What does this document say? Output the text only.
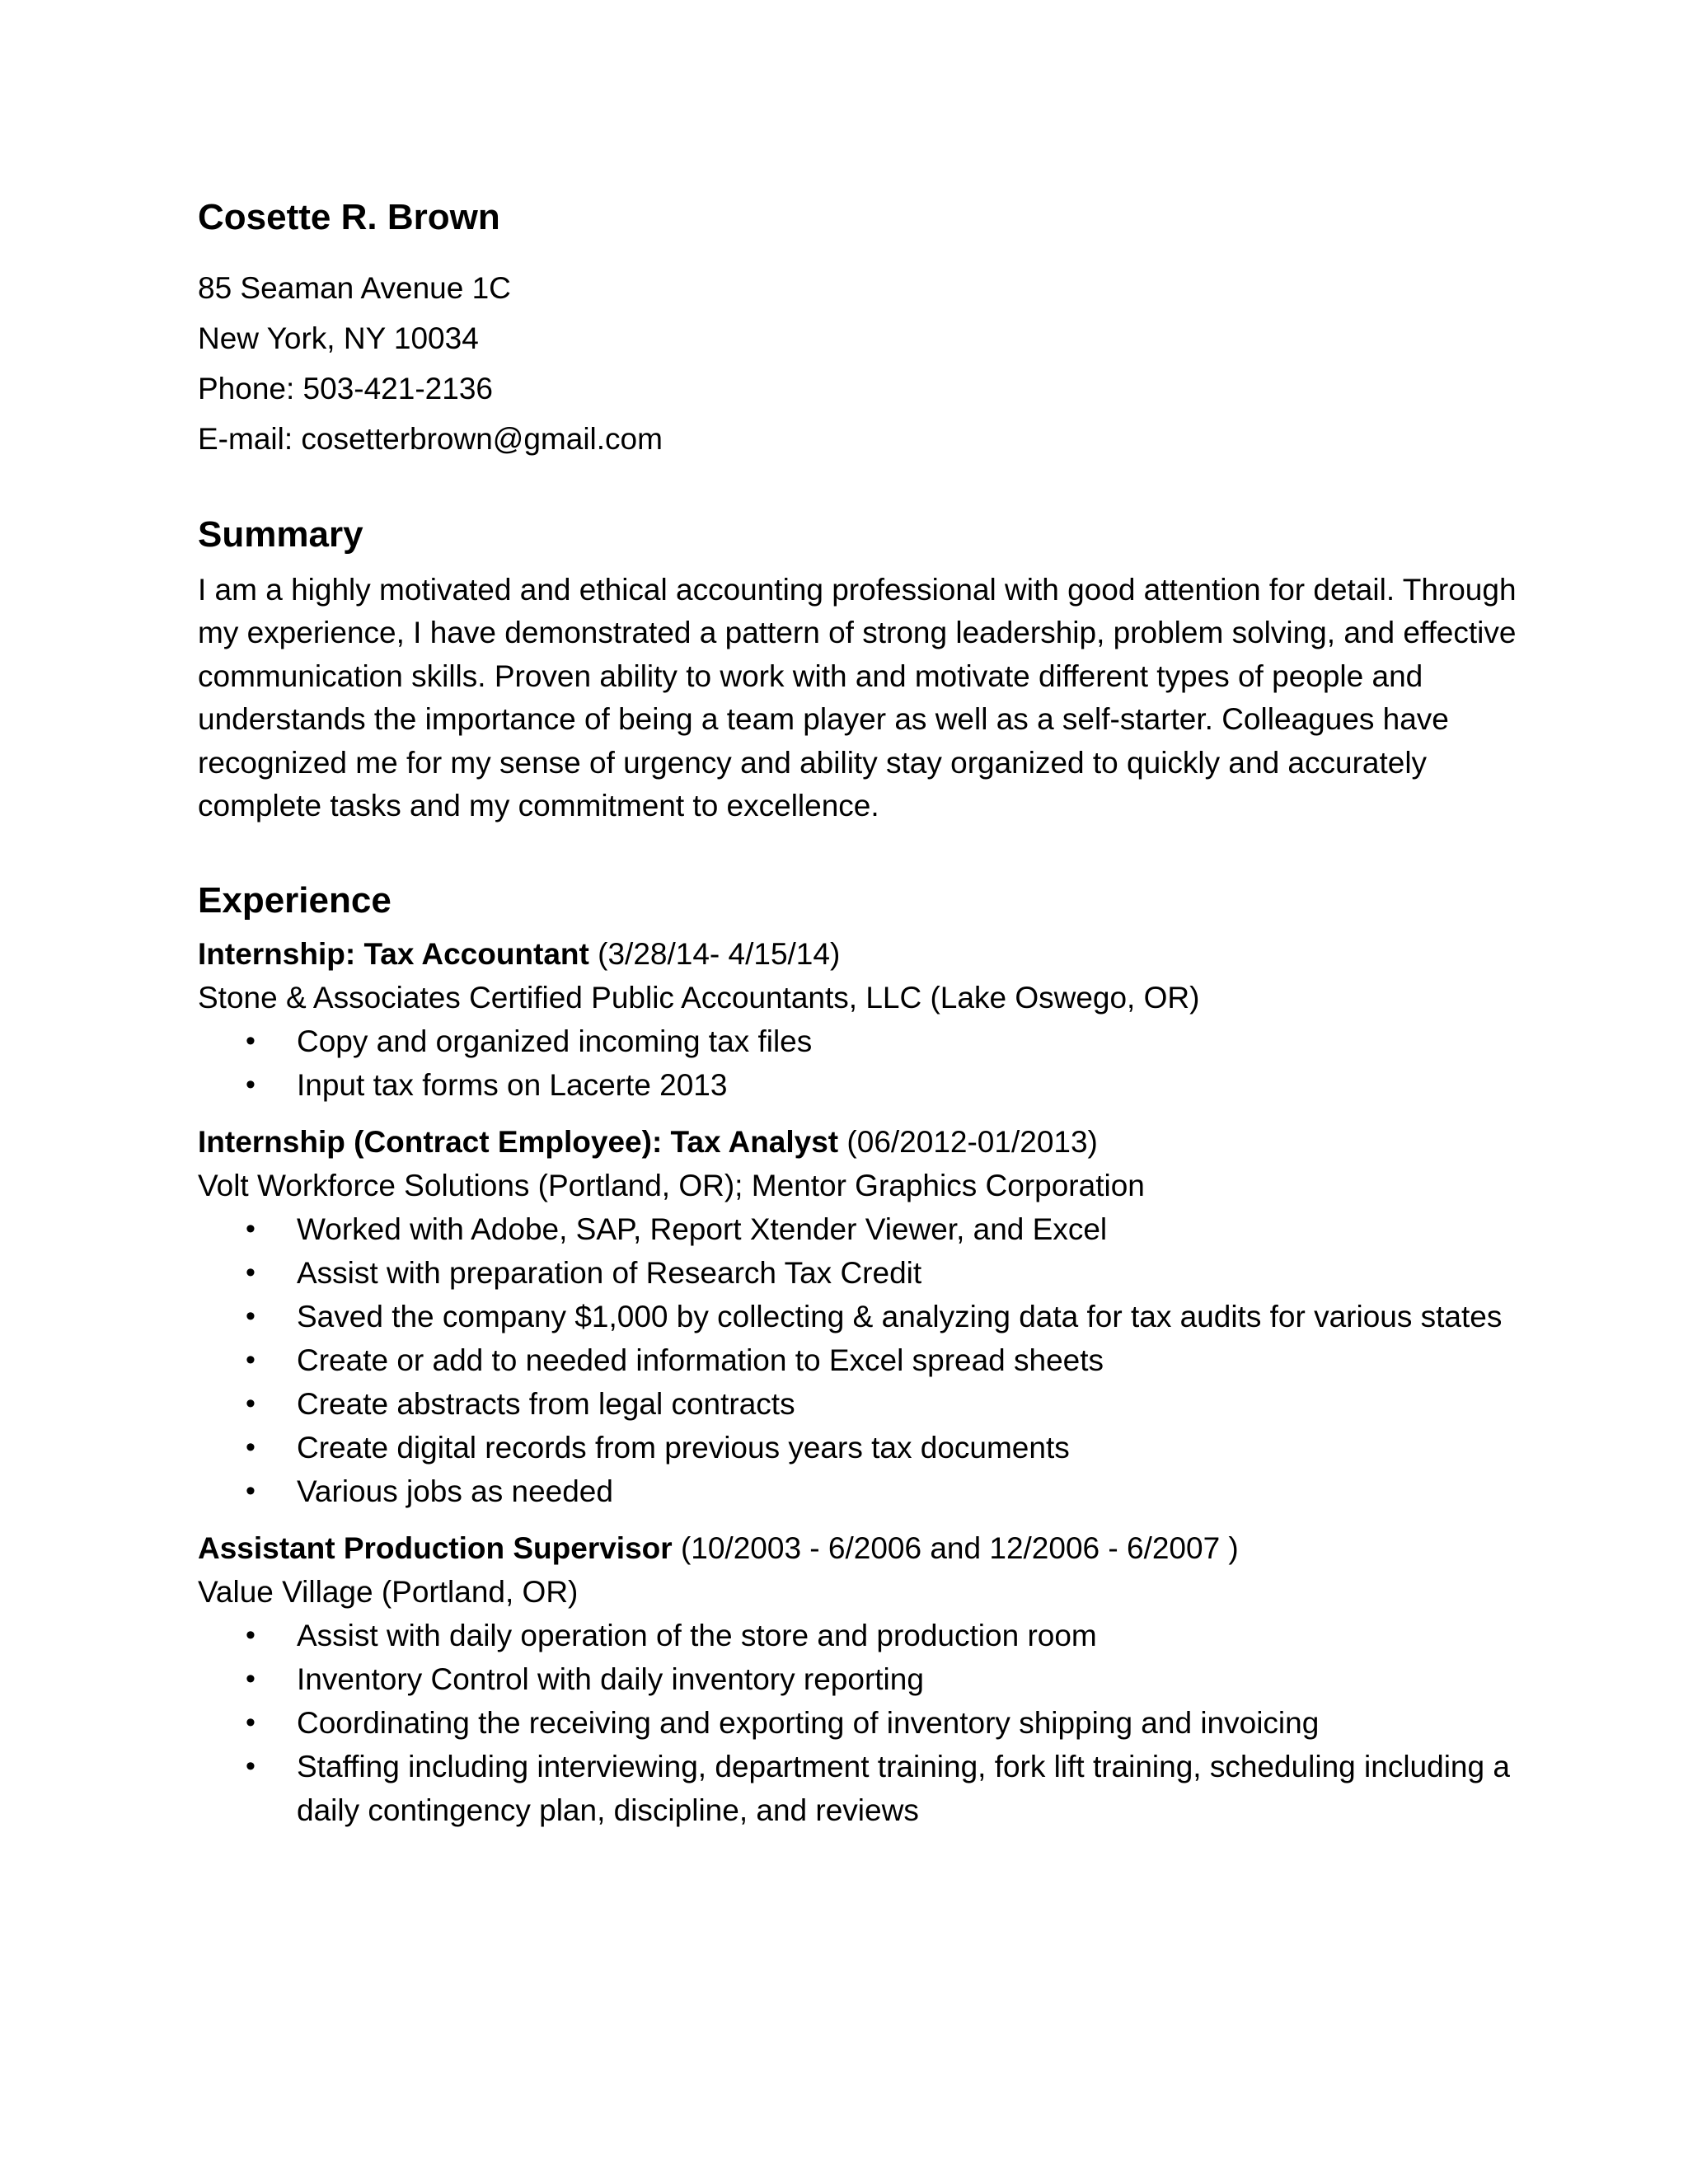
Cosette R. Brown

85 Seaman Avenue 1C

New York, NY 10034

Phone: 503-421-2136

E-mail: cosetterbrown@gmail.com

Summary

I am a highly motivated and ethical accounting professional with good attention for detail. Through my experience, I have demonstrated a pattern of strong leadership, problem solving, and effective communication skills. Proven ability to work with and motivate different types of people and understands the importance of being a team player as well as a self-starter. Colleagues have recognized me for my sense of urgency and ability stay organized to quickly and accurately complete tasks and my commitment to excellence.

Experience

Internship: Tax Accountant (3/28/14- 4/15/14)

Stone & Associates Certified Public Accountants, LLC (Lake Oswego, OR)

• Copy and organized incoming tax files
• Input tax forms on Lacerte 2013

Internship (Contract Employee): Tax Analyst (06/2012-01/2013)

Volt Workforce Solutions (Portland, OR); Mentor Graphics Corporation

• Worked with Adobe, SAP, Report Xtender Viewer, and Excel
• Assist with preparation of Research Tax Credit
• Saved the company $1,000 by collecting & analyzing data for tax audits for various states
• Create or add to needed information to Excel spread sheets
• Create abstracts from legal contracts
• Create digital records from previous years tax documents
• Various jobs as needed

Assistant Production Supervisor (10/2003 - 6/2006 and 12/2006 - 6/2007 )

Value Village (Portland, OR)

• Assist with daily operation of the store and production room
• Inventory Control with daily inventory reporting
• Coordinating the receiving and exporting of inventory shipping and invoicing
• Staffing including interviewing, department training, fork lift training, scheduling including a daily contingency plan, discipline, and reviews
